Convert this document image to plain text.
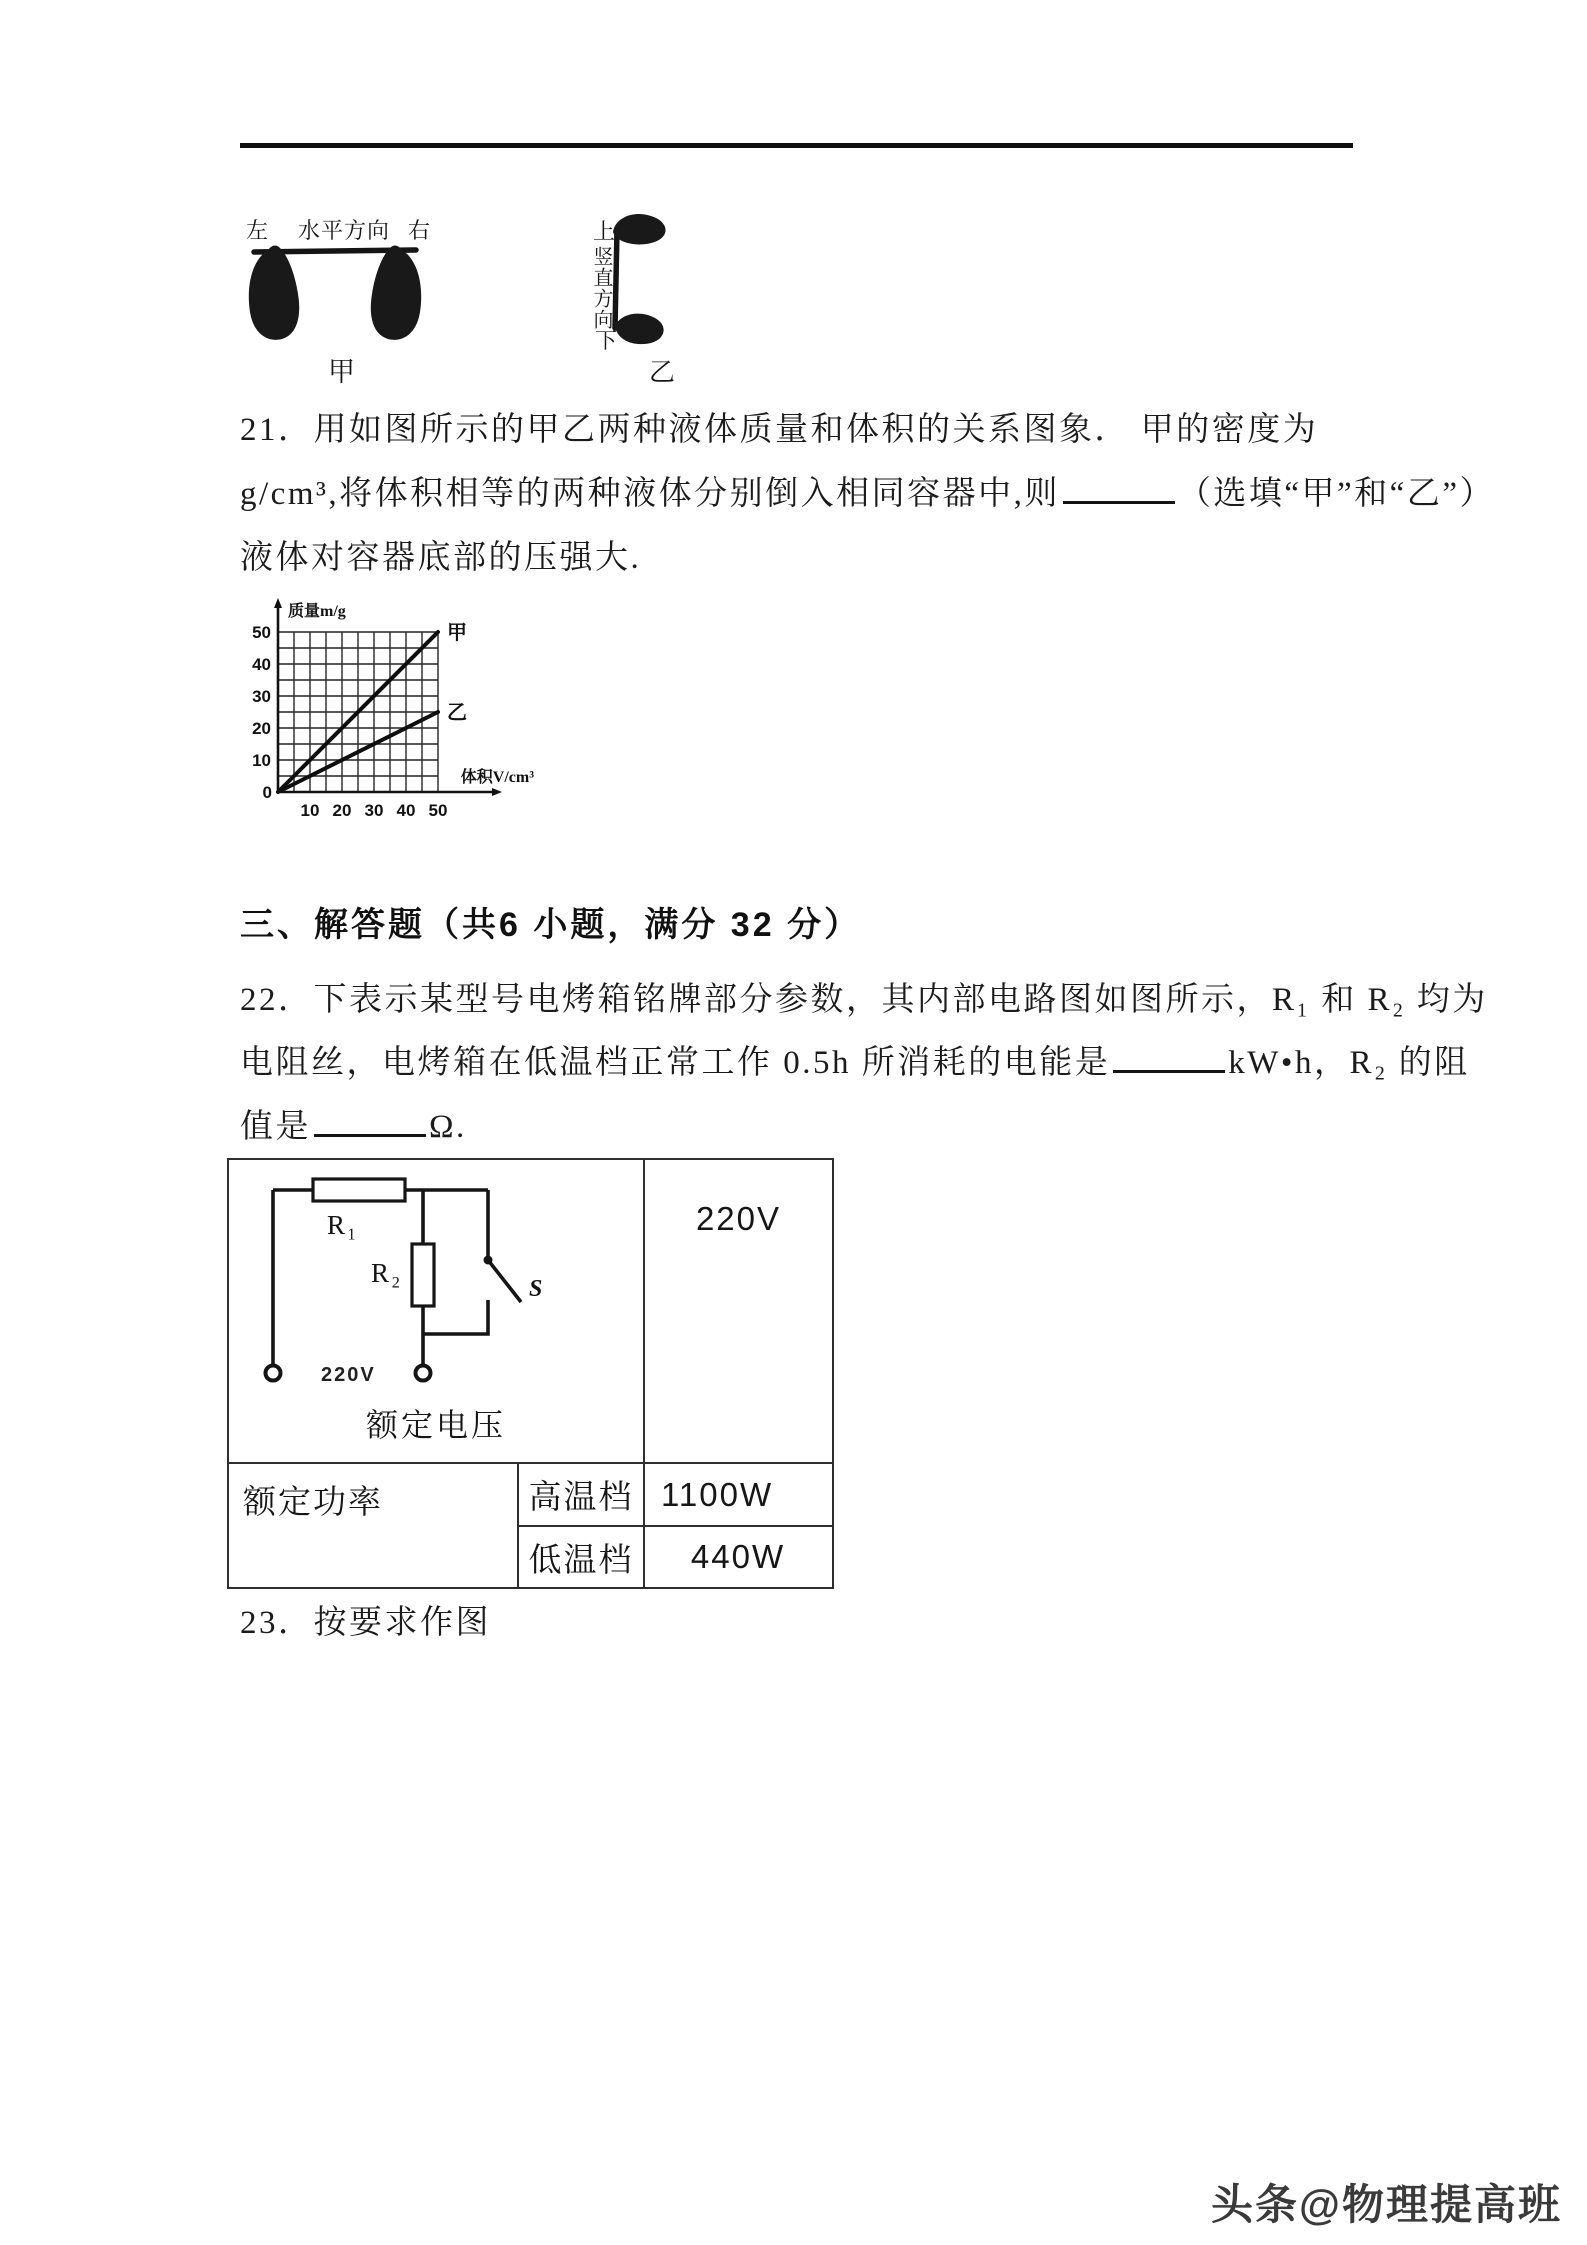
左 水平方向 右
甲
上
竖直方向
下
乙
21．用如图所示的甲乙两种液体质量和体积的关系图象． 甲的密度为
g/cm³,将体积相等的两种液体分别倒入相同容器中,则	（选填“甲”和“乙”）
液体对容器底部的压强大.
10 20 30 40 50
10
20
30
40
50	甲
乙
质量m/g
体积V/cm³
0
三、解答题（共6 小题，满分 32 分）
22．下表示某型号电烤箱铭牌部分参数，其内部电路图如图所示，R₁ 和 R₂ 均为
电阻丝，电烤箱在低温档正常工作 0.5h 所消耗的电能是	kW•h，R₂ 的阻
值是	Ω.
R₁
R₂
S
220V
额定电压		220V
额定功率	高温档	1100W
	低温档	440W
23．按要求作图
头条@物理提高班
